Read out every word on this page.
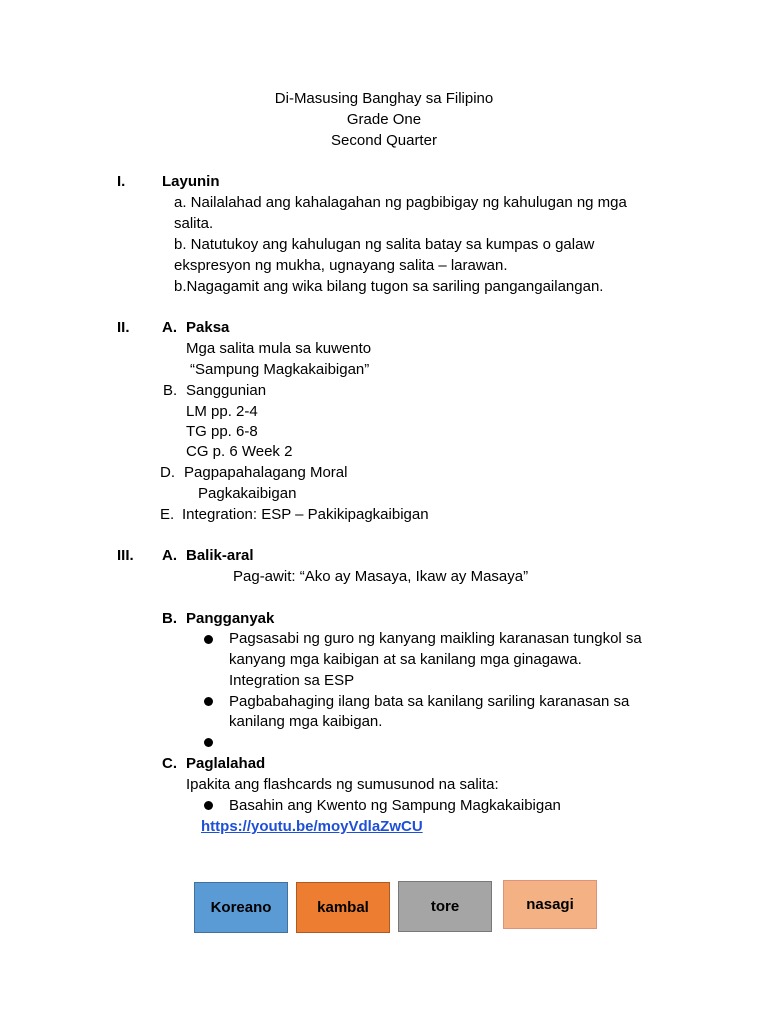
Di-Masusing Banghay sa Filipino
Grade One
Second Quarter
I. Layunin
a. Nailalahad ang kahalagahan ng pagbibigay ng kahulugan ng mga
salita.
b. Natutukoy ang kahulugan ng salita batay sa kumpas o galaw
ekspresyon ng mukha, ugnayang salita – larawan.
b.Nagagamit ang wika bilang tugon sa sariling pangangailangan.
II. A. Paksa
Mga salita mula sa kuwento
“Sampung Magkakaibigan”
B. Sanggunian
LM pp. 2-4
TG pp. 6-8
CG p. 6 Week 2
D. Pagpapahalagang Moral
Pagkakaibigan
E. Integration: ESP – Pakikipagkaibigan
III. A. Balik-aral
Pag-awit: “Ako ay Masaya, Ikaw ay Masaya”
B. Pangganyak
Pagsasabi ng guro ng kanyang maikling karanasan tungkol sa
kanyang mga kaibigan at sa kanilang mga ginagawa.
Integration sa ESP
Pagbabahaging ilang bata sa kanilang sariling karanasan sa
kanilang mga kaibigan.
C. Paglalahad
Ipakita ang flashcards ng sumusunod na salita:
Basahin ang Kwento ng Sampung Magkakaibigan
https://youtu.be/moyVdlaZwCU
Koreano	kambal	tore	nasagi
